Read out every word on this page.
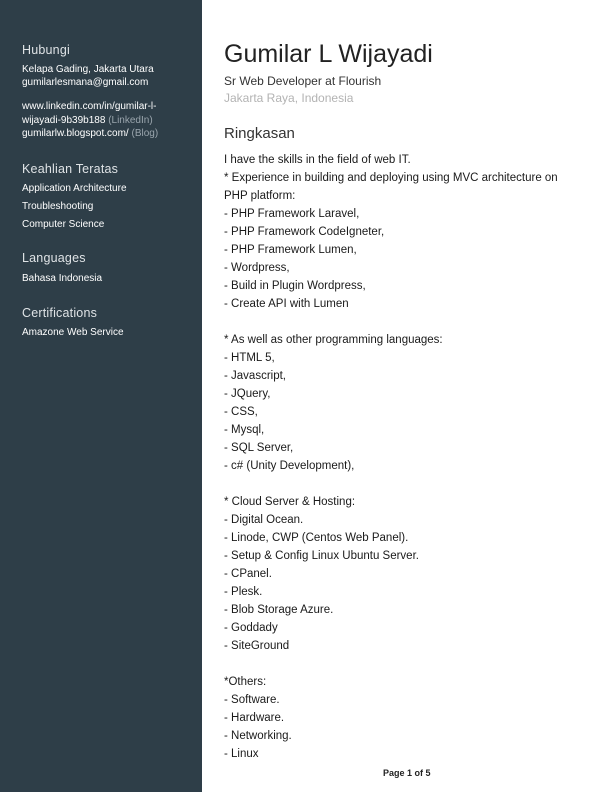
Hubungi
Kelapa Gading, Jakarta Utara
gumilarlesmana@gmail.com
www.linkedin.com/in/gumilar-l-
wijayadi-9b39b188 (LinkedIn)
gumilarlw.blogspot.com/ (Blog)
Keahlian Teratas
Application Architecture
Troubleshooting
Computer Science
Languages
Bahasa Indonesia
Certifications
Amazone Web Service
Gumilar L Wijayadi
Sr Web Developer at Flourish
Jakarta Raya, Indonesia
Ringkasan
I have the skills in the field of web IT.
* Experience in building and deploying using MVC architecture on
PHP platform:
- PHP Framework Laravel,
- PHP Framework CodeIgneter,
- PHP Framework Lumen,
- Wordpress,
- Build in Plugin Wordpress,
- Create API with Lumen
* As well as other programming languages:
- HTML 5,
- Javascript,
- JQuery,
- CSS,
- Mysql,
- SQL Server,
- c# (Unity Development),
* Cloud Server & Hosting:
- Digital Ocean.
- Linode, CWP (Centos Web Panel).
- Setup & Config Linux Ubuntu Server.
- CPanel.
- Plesk.
- Blob Storage Azure.
- Goddady
- SiteGround
*Others:
- Software.
- Hardware.
- Networking.
- Linux
Page 1 of 5
